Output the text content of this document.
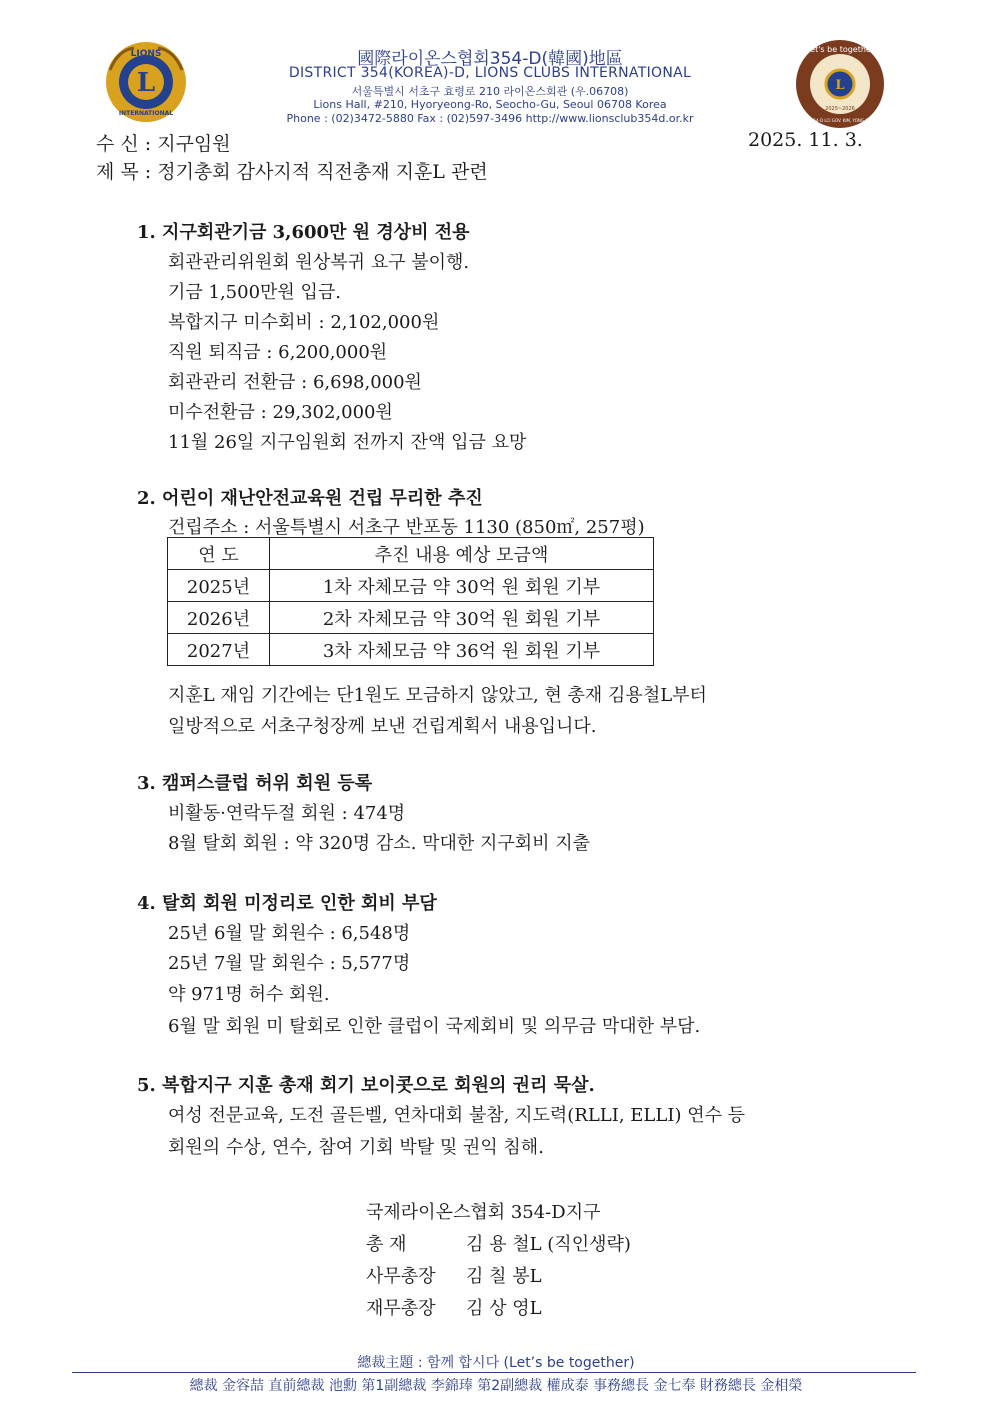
國際라이온스협회354-D(韓國)地區
DISTRICT 354(KOREA)-D, LIONS CLUBS INTERNATIONAL
서울특별시 서초구 효령로 210 라이온스회관 (우.06708)
Lions Hall, #210, Hyoryeong-Ro, Seocho-Gu, Seoul 06708 Korea
Phone : (02)3472-5880 Fax : (02)597-3496 http://www.lionsclub354d.or.kr
L
LIONS
INTERNATIONAL
L
Let's be together
2025~2026
DIST.354-D LCI GOV. KIM, YONG-CHEOL
수 신 : 지구임원	2025. 11. 3.
제 목 : 정기총회 감사지적 직전총재 지훈L 관련
1. 지구회관기금 3,600만 원 경상비 전용
회관관리위원회 원상복귀 요구 불이행.
기금 1,500만원 입금.
복합지구 미수회비 : 2,102,000원
직원 퇴직금 : 6,200,000원
회관관리 전환금 : 6,698,000원
미수전환금 : 29,302,000원
11월 26일 지구임원회 전까지 잔액 입금 요망
2. 어린이 재난안전교육원 건립 무리한 추진
건립주소 : 서울특별시 서초구 반포동 1130 (850㎡, 257평)
연 도	추진 내용 예상 모금액
2025년	1차 자체모금 약 30억 원 회원 기부
2026년	2차 자체모금 약 30억 원 회원 기부
2027년	3차 자체모금 약 36억 원 회원 기부
지훈L 재임 기간에는 단1원도 모금하지 않았고, 현 총재 김용철L부터
일방적으로 서초구청장께 보낸 건립계획서 내용입니다.
3. 캠퍼스클럽 허위 회원 등록
비활동·연락두절 회원 : 474명
8월 탈회 회원 : 약 320명 감소. 막대한 지구회비 지출
4. 탈회 회원 미정리로 인한 회비 부담
25년 6월 말 회원수 : 6,548명
25년 7월 말 회원수 : 5,577명
약 971명 허수 회원.
6월 말 회원 미 탈회로 인한 클럽이 국제회비 및 의무금 막대한 부담.
5. 복합지구 지훈 총재 회기 보이콧으로 회원의 권리 묵살.
여성 전문교육, 도전 골든벨, 연차대회 불참, 지도력(RLLI, ELLI) 연수 등
회원의 수상, 연수, 참여 기회 박탈 및 권익 침해.
국제라이온스협회 354-D지구
총 재	김 용 철L (직인생략)
사무총장 김 칠 봉L
재무총장 김 상 영L
總裁主題 : 함께 합시다 (Let’s be together)
總裁 金容喆 直前總裁 池勳 第1副總裁 李錦琫 第2副總裁 權成泰 事務總長 金七奉 財務總長 金相榮
